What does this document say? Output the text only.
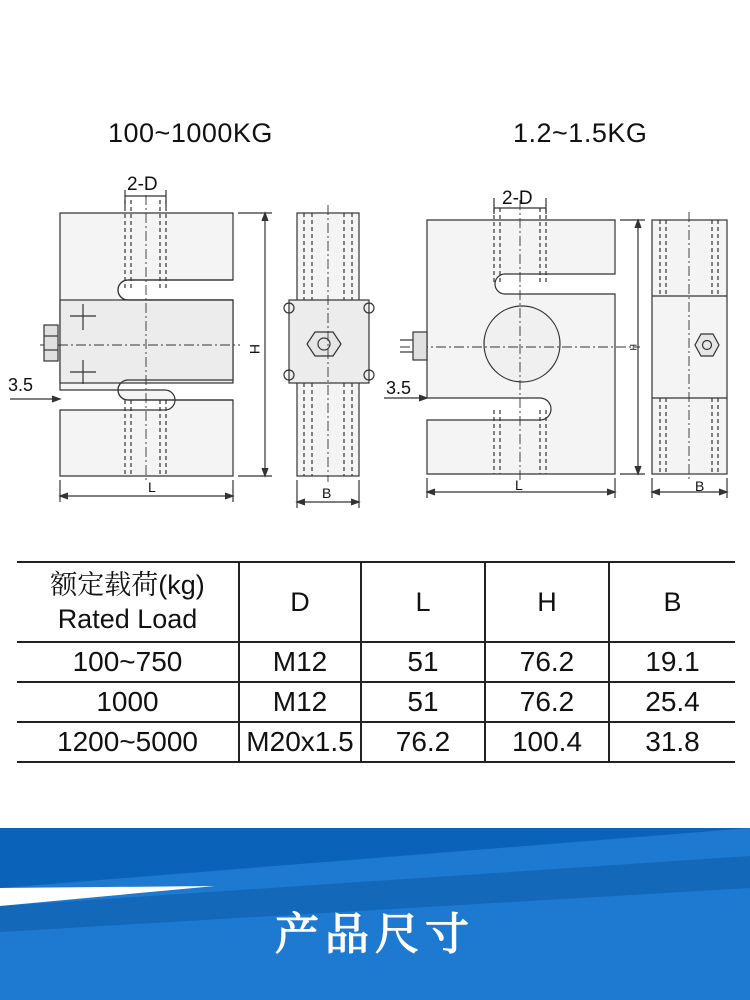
100~1000KG	1.2~1.5KG
2-D
H
L	B
3.5
2-D
H
L	B
3.5
额定载荷(kg)
Rated Load	D	L	H	B
100~750	M12	51	76.2	19.1
1000	M12	51	76.2	25.4
1200~5000	M20x1.5	76.2	100.4	31.8
产品尺寸
